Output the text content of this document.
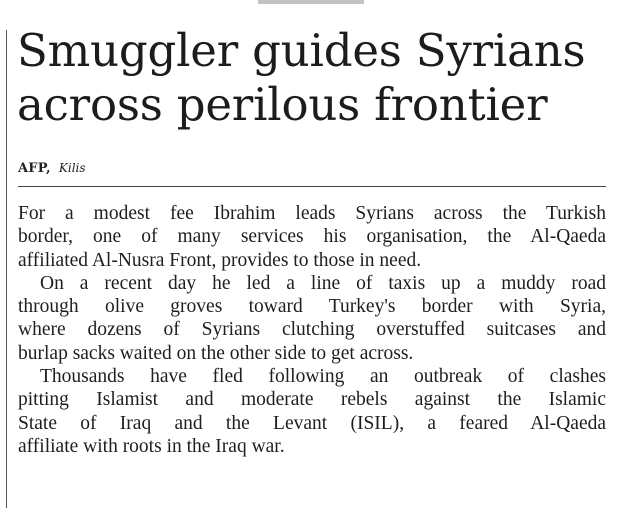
Smuggler guides Syrians
across perilous frontier
AFP, Kilis
For a modest fee Ibrahim leads Syrians across the Turkish
border, one of many services his organisation, the Al-Qaeda
affiliated Al-Nusra Front, provides to those in need.
On a recent day he led a line of taxis up a muddy road
through olive groves toward Turkey's border with Syria,
where dozens of Syrians clutching overstuffed suitcases and
burlap sacks waited on the other side to get across.
Thousands have fled following an outbreak of clashes
pitting Islamist and moderate rebels against the Islamic
State of Iraq and the Levant (ISIL), a feared Al-Qaeda
affiliate with roots in the Iraq war.
